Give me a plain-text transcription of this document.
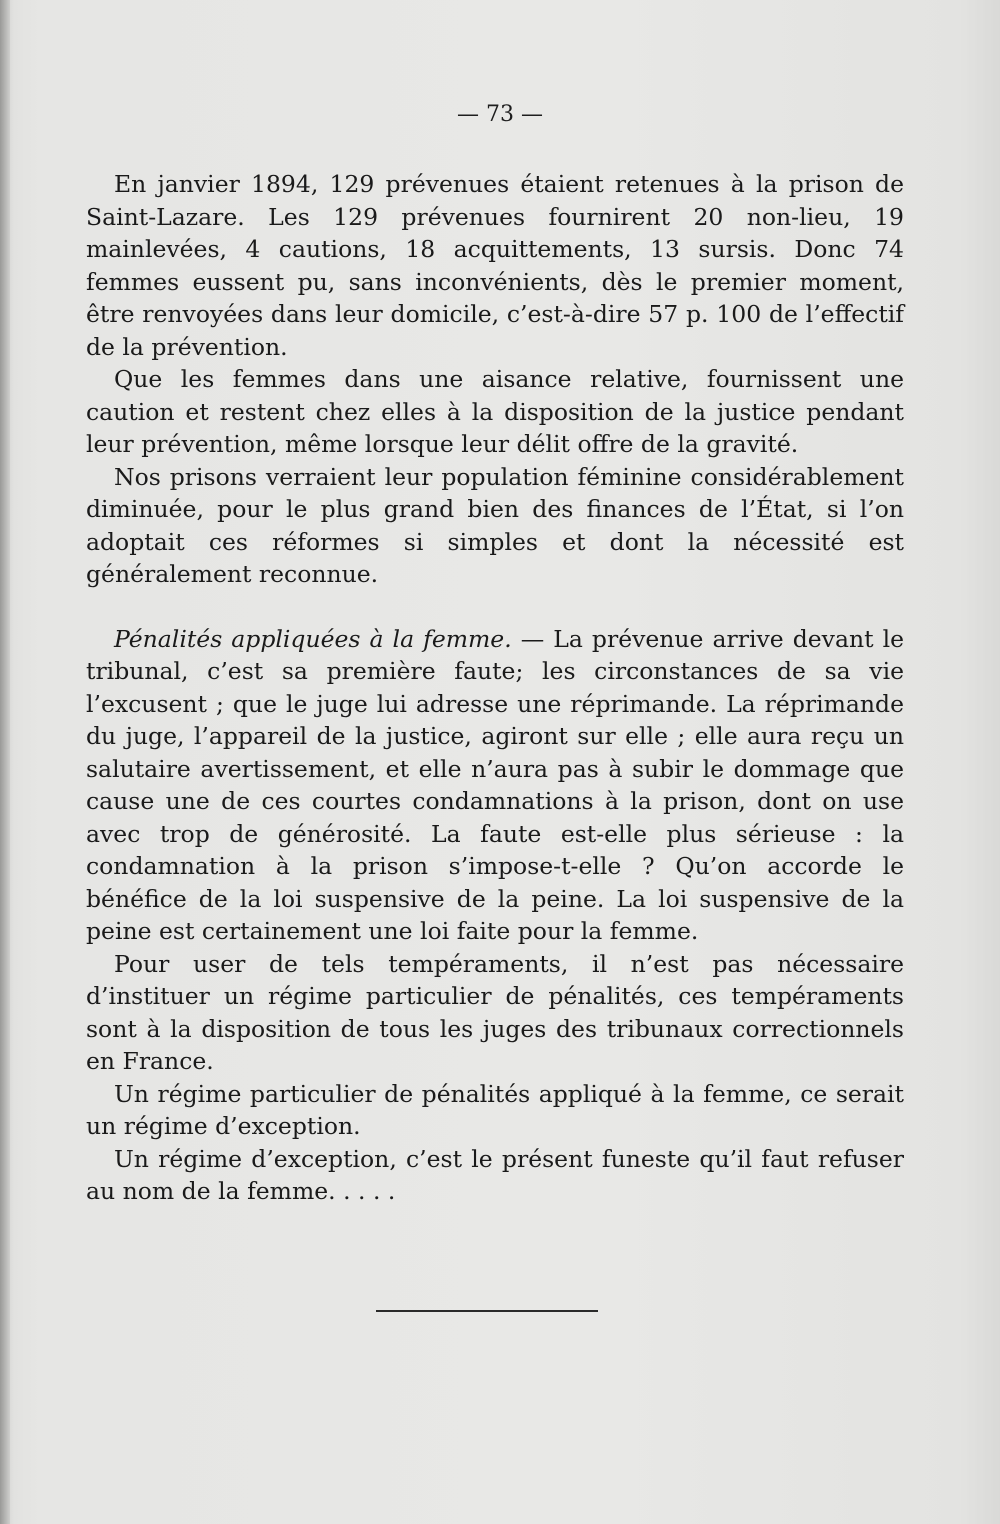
— 73 —

En janvier 1894, 129 prévenues étaient retenues à la prison de Saint-Lazare. Les 129 prévenues fournirent 20 non-lieu, 19 mainlevées, 4 cautions, 18 acquittements, 13 sursis. Donc 74 femmes eussent pu, sans inconvénients, dès le premier moment, être renvoyées dans leur domicile, c’est-à-dire 57 p. 100 de l’effectif de la prévention.

Que les femmes dans une aisance relative, fournissent une caution et restent chez elles à la disposition de la justice pendant leur prévention, même lorsque leur délit offre de la gravité.

Nos prisons verraient leur population féminine considérablement diminuée, pour le plus grand bien des finances de l’État, si l’on adoptait ces réformes si simples et dont la nécessité est généralement reconnue.

Pénalités appliquées à la femme. — La prévenue arrive devant le tribunal, c’est sa première faute; les circonstances de sa vie l’excusent ; que le juge lui adresse une réprimande. La réprimande du juge, l’appareil de la justice, agiront sur elle ; elle aura reçu un salutaire avertissement, et elle n’aura pas à subir le dommage que cause une de ces courtes condamnations à la prison, dont on use avec trop de générosité. La faute est-elle plus sérieuse : la condamnation à la prison s’impose-t-elle ? Qu’on accorde le bénéfice de la loi suspensive de la peine. La loi suspensive de la peine est certainement une loi faite pour la femme.

Pour user de tels tempéraments, il n’est pas nécessaire d’instituer un régime particulier de pénalités, ces tempéraments sont à la disposition de tous les juges des tribunaux correctionnels en France.

Un régime particulier de pénalités appliqué à la femme, ce serait un régime d’exception.

Un régime d’exception, c’est le présent funeste qu’il faut refuser au nom de la femme. . . . .
